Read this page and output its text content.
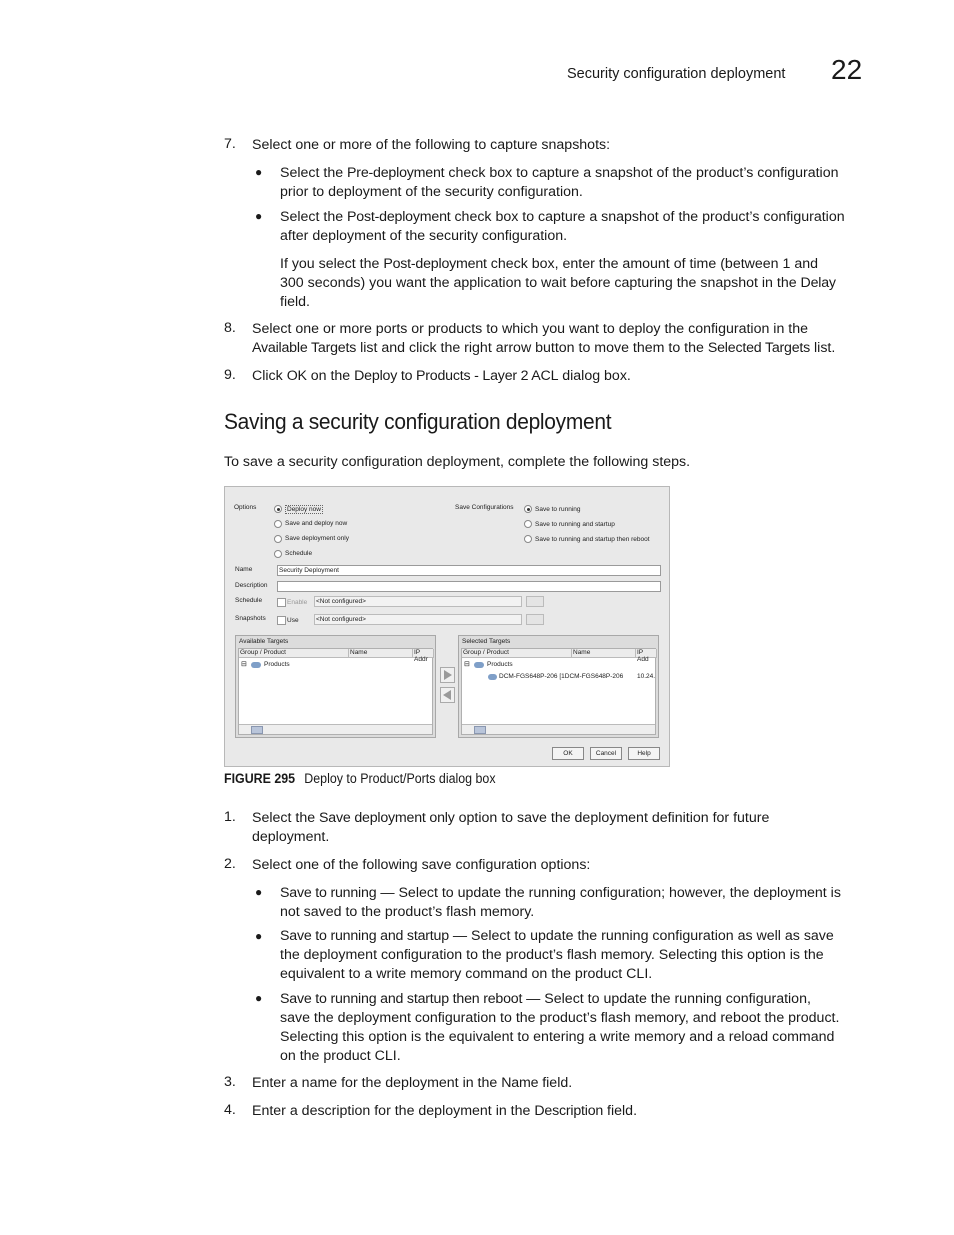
Security configuration deployment 22
7. Select one or more of the following to capture snapshots:
● Select the Pre-deployment check box to capture a snapshot of the product’s configuration
prior to deployment of the security configuration.
● Select the Post-deployment check box to capture a snapshot of the product’s configuration
after deployment of the security configuration.
If you select the Post-deployment check box, enter the amount of time (between 1 and
300 seconds) you want the application to wait before capturing the snapshot in the Delay
field.
8. Select one or more ports or products to which you want to deploy the configuration in the
Available Targets list and click the right arrow button to move them to the Selected Targets list.
9. Click OK on the Deploy to Products - Layer 2 ACL dialog box.
Saving a security configuration deployment
To save a security configuration deployment, complete the following steps.
Options	Deploy now
Save and deploy now
Save deployment only
Schedule
Save Configurations	Save to running
Save to running and startup
Save to running and startup then reboot
Name	Security Deployment
Description
Schedule	Enable <Not configured>
Snapshots	Use	<Not configured>
Available Targets
Group / Product	Name	IP Addr
⊟	Products
Selected Targets
Group / Product	Name	IP Add
⊟	Products
DCM-FGS648P-206 [1DCM-FGS648P-206	10.24.
OK	Cancel	Help
FIGURE 295 Deploy to Product/Ports dialog box
1. Select the Save deployment only option to save the deployment definition for future
deployment.
2. Select one of the following save configuration options:
● Save to running — Select to update the running configuration; however, the deployment is
not saved to the product’s flash memory.
● Save to running and startup — Select to update the running configuration as well as save
the deployment configuration to the product’s flash memory. Selecting this option is the
equivalent to a write memory command on the product CLI.
● Save to running and startup then reboot — Select to update the running configuration,
save the deployment configuration to the product’s flash memory, and reboot the product.
Selecting this option is the equivalent to entering a write memory and a reload command
on the product CLI.
3. Enter a name for the deployment in the Name field.
4. Enter a description for the deployment in the Description field.
